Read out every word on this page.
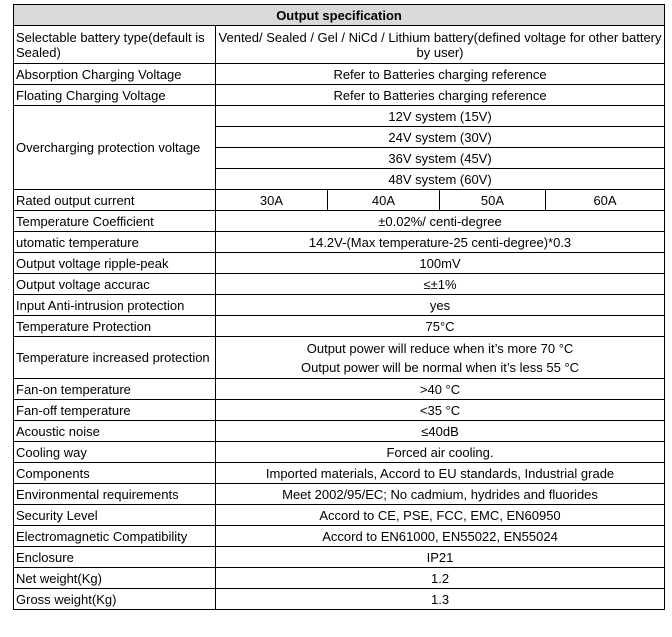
Output specification				
Selectable battery type(default is Sealed)	Vented/ Sealed / Gel / NiCd / Lithium battery(defined voltage for other battery by user)			
Absorption Charging Voltage	Refer to Batteries charging reference			
Floating Charging Voltage	Refer to Batteries charging reference			
Overcharging protection voltage	12V system (15V)			
	24V system (30V)			
	36V system (45V)			
	48V system (60V)			
Rated output current	30A	40A	50A	60A
Temperature Coefficient	±0.02%/ centi-degree			
utomatic temperature	14.2V-(Max temperature-25 centi-degree)*0.3			
Output voltage ripple-peak	100mV			
Output voltage accurac	≤±1%			
Input Anti-intrusion protection	yes			
Temperature Protection	75°C			
Temperature increased protection	Output power will reduce when it’s more 70 °C
Output power will be normal when it’s less 55 °C			

Fan-on temperature	>40 °C			
Fan-off temperature	<35 °C			
Acoustic noise	≤40dB			
Cooling way	Forced air cooling.			
Components	Imported materials, Accord to EU standards, Industrial grade			
Environmental requirements	Meet 2002/95/EC; No cadmium, hydrides and fluorides			
Security Level	Accord to CE, PSE, FCC, EMC, EN60950			
Electromagnetic Compatibility	Accord to EN61000, EN55022, EN55024			
Enclosure	IP21			
Net weight(Kg)	1.2			
Gross weight(Kg)	1.3			
